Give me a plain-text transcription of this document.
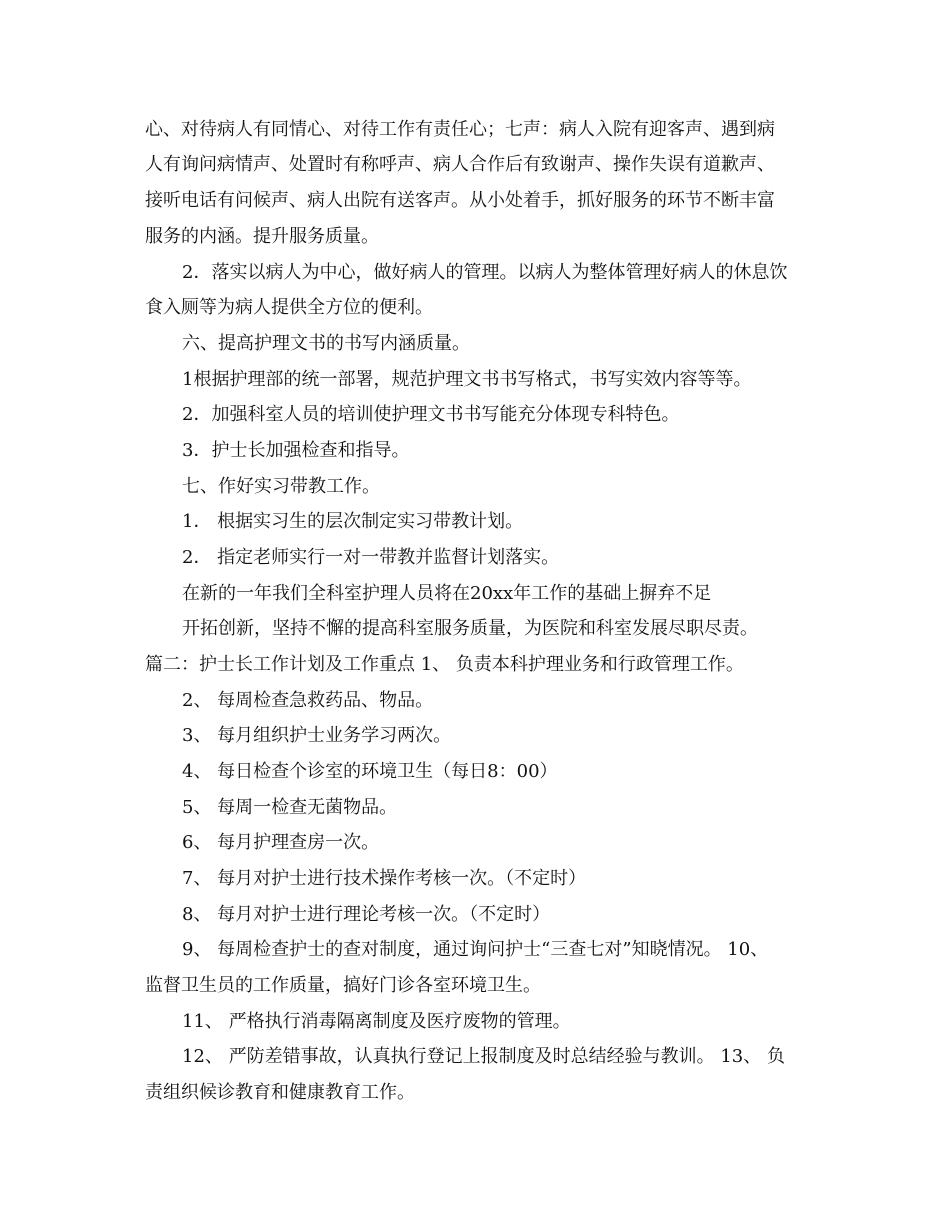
心、对待病人有同情心、对待工作有责任心；七声：病人入院有迎客声、遇到病
人有询问病情声、处置时有称呼声、病人合作后有致谢声、操作失误有道歉声、
接听电话有问候声、病人出院有送客声。从小处着手，抓好服务的环节不断丰富
服务的内涵。提升服务质量。
2．落实以病人为中心，做好病人的管理。以病人为整体管理好病人的休息饮
食入厕等为病人提供全方位的便利。
六、提高护理文书的书写内涵质量。
1根据护理部的统一部署，规范护理文书书写格式，书写实效内容等等。
2．加强科室人员的培训使护理文书书写能充分体现专科特色。
3．护士长加强检查和指导。
七、作好实习带教工作。
1． 根据实习生的层次制定实习带教计划。
2． 指定老师实行一对一带教并监督计划落实。
在新的一年我们全科室护理人员将在20xx年工作的基础上摒弃不足
开拓创新，坚持不懈的提高科室服务质量，为医院和科室发展尽职尽责。
篇二：护士长工作计划及工作重点 1、 负责本科护理业务和行政管理工作。
2、 每周检查急救药品、物品。
3、 每月组织护士业务学习两次。
4、 每日检查个诊室的环境卫生（每日8：00）
5、 每周一检查无菌物品。
6、 每月护理查房一次。
7、 每月对护士进行技术操作考核一次。（不定时）
8、 每月对护士进行理论考核一次。（不定时）
9、 每周检查护士的查对制度，通过询问护士“三查七对”知晓情况。 10、
监督卫生员的工作质量，搞好门诊各室环境卫生。
11、 严格执行消毒隔离制度及医疗废物的管理。
12、 严防差错事故，认真执行登记上报制度及时总结经验与教训。 13、 负
责组织候诊教育和健康教育工作。
